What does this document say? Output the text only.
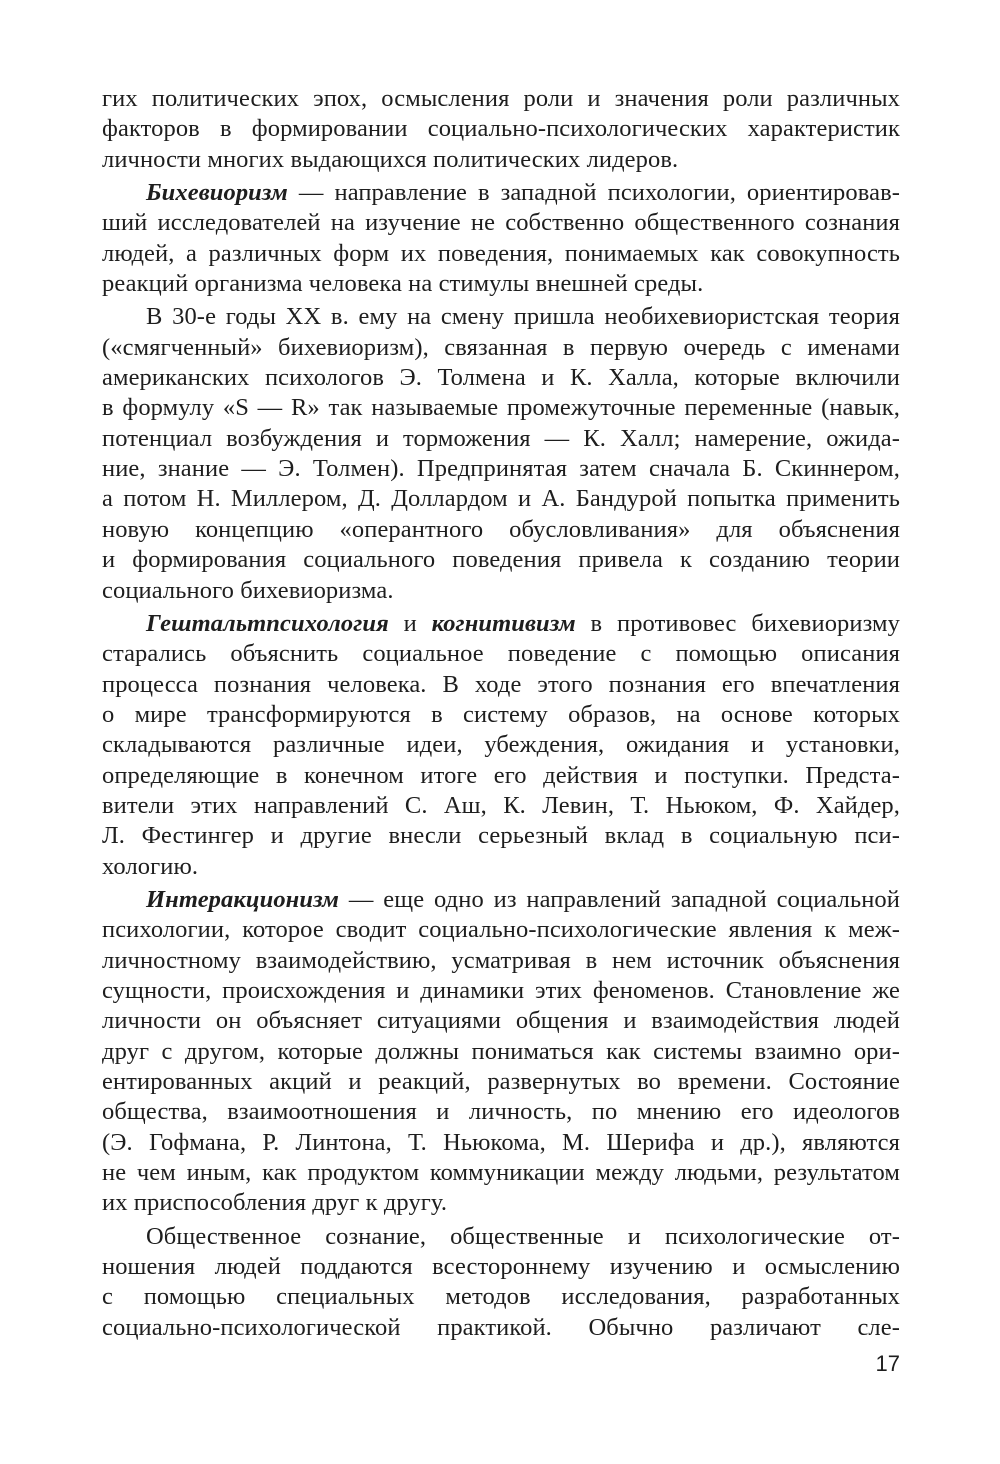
гих политических эпох, осмысления роли и значения роли различных
факторов в формировании социально-психологических характеристик
личности многих выдающихся политических лидеров.
Бихевиоризм — направление в западной психологии, ориентировав-
ший исследователей на изучение не собственно общественного сознания
людей, а различных форм их поведения, понимаемых как совокупность
реакций организма человека на стимулы внешней среды.
В 30-е годы XX в. ему на смену пришла необихевиористская теория
(«смягченный» бихевиоризм), связанная в первую очередь с именами
американских психологов Э. Толмена и К. Халла, которые включили
в формулу «S — R» так называемые промежуточные переменные (навык,
потенциал возбуждения и торможения — К. Халл; намерение, ожида-
ние, знание — Э. Толмен). Предпринятая затем сначала Б. Скиннером,
а потом Н. Миллером, Д. Доллардом и А. Бандурой попытка применить
новую концепцию «оперантного обусловливания» для объяснения
и формирования социального поведения привела к созданию теории
социального бихевиоризма.
Гештальтпсихология и когнитивизм в противовес бихевиоризму
старались объяснить социальное поведение с помощью описания
процесса познания человека. В ходе этого познания его впечатления
о мире трансформируются в систему образов, на основе которых
складываются различные идеи, убеждения, ожидания и установки,
определяющие в конечном итоге его действия и поступки. Предста-
вители этих направлений С. Аш, К. Левин, Т. Ньюком, Ф. Хайдер,
Л. Фестингер и другие внесли серьезный вклад в социальную пси-
хологию.
Интеракционизм — еще одно из направлений западной социальной
психологии, которое сводит социально-психологические явления к меж-
личностному взаимодействию, усматривая в нем источник объяснения
сущности, происхождения и динамики этих феноменов. Становление же
личности он объясняет ситуациями общения и взаимодействия людей
друг с другом, которые должны пониматься как системы взаимно ори-
ентированных акций и реакций, развернутых во времени. Состояние
общества, взаимоотношения и личность, по мнению его идеологов
(Э. Гофмана, Р. Линтона, Т. Ньюкома, М. Шерифа и др.), являются
не чем иным, как продуктом коммуникации между людьми, результатом
их приспособления друг к другу.
Общественное сознание, общественные и психологические от-
ношения людей поддаются всестороннему изучению и осмыслению
с помощью специальных методов исследования, разработанных
социально-психологической практикой. Обычно различают сле-
17
